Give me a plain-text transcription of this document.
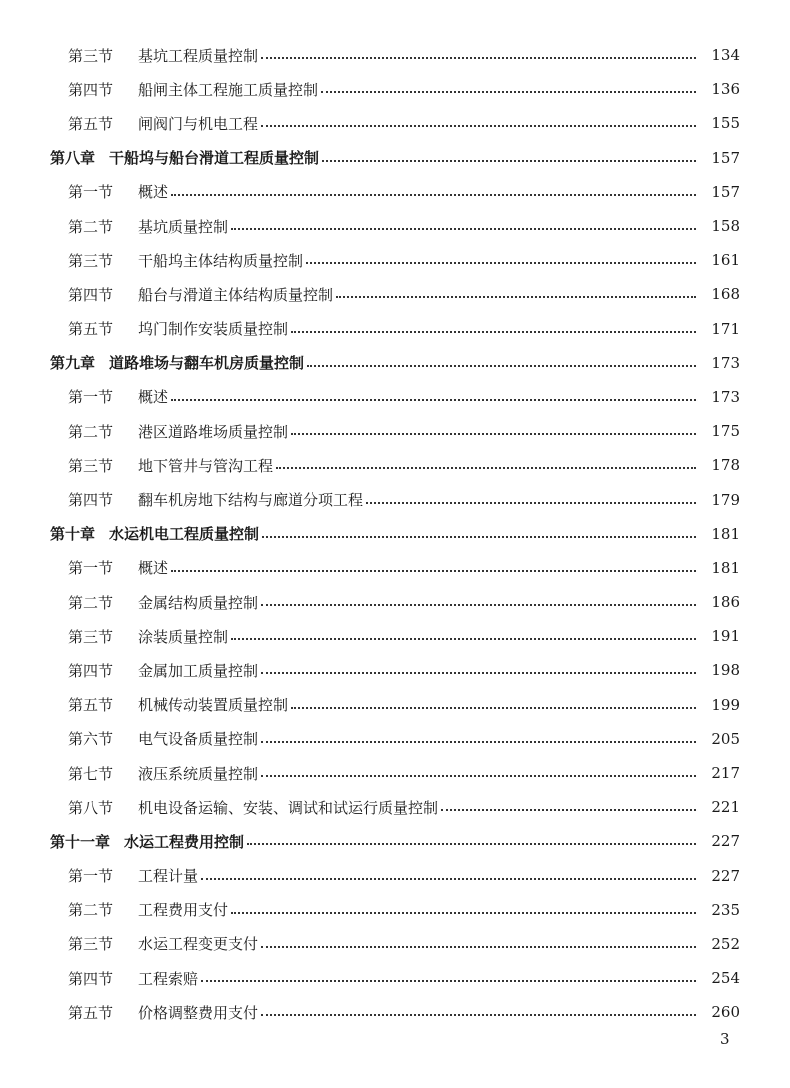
第三节	基坑工程质量控制	134
第四节	船闸主体工程施工质量控制	136
第五节	闸阀门与机电工程	155
第八章 干船坞与船台滑道工程质量控制	157
第一节	概述	157
第二节	基坑质量控制	158
第三节	干船坞主体结构质量控制	161
第四节	船台与滑道主体结构质量控制	168
第五节	坞门制作安装质量控制	171
第九章 道路堆场与翻车机房质量控制	173
第一节	概述	173
第二节	港区道路堆场质量控制	175
第三节	地下管井与管沟工程	178
第四节	翻车机房地下结构与廊道分项工程	179
第十章 水运机电工程质量控制	181
第一节	概述	181
第二节	金属结构质量控制	186
第三节	涂装质量控制	191
第四节	金属加工质量控制	198
第五节	机械传动装置质量控制	199
第六节	电气设备质量控制	205
第七节	液压系统质量控制	217
第八节	机电设备运输、安装、调试和试运行质量控制	221
第十一章 水运工程费用控制	227
第一节	工程计量	227
第二节	工程费用支付	235
第三节	水运工程变更支付	252
第四节	工程索赔	254
第五节	价格调整费用支付	260
3
